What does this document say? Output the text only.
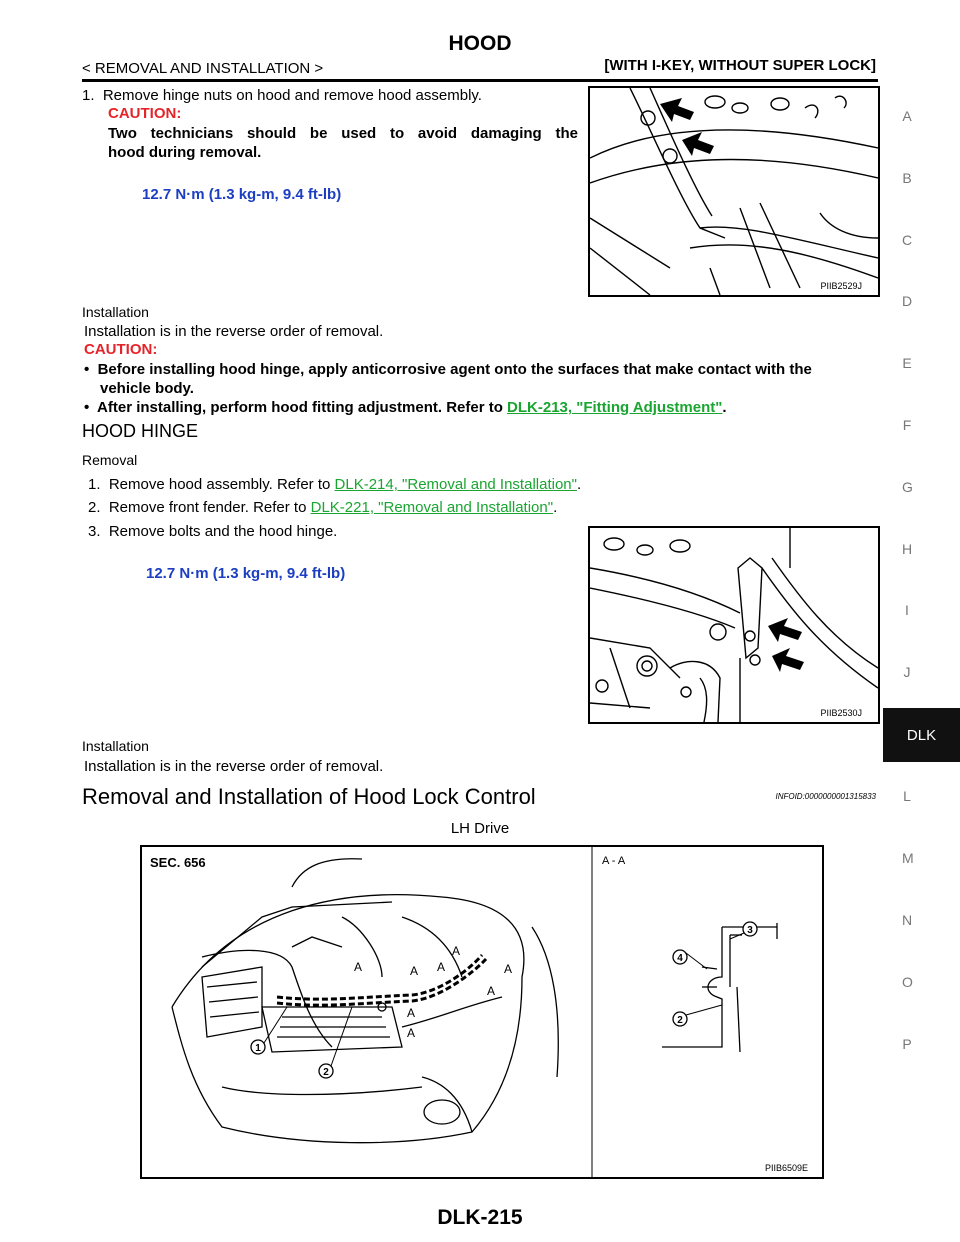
HOOD
< REMOVAL AND INSTALLATION >	[WITH I-KEY, WITHOUT SUPER LOCK]
1.  Remove hinge nuts on hood and remove hood assembly.
CAUTION:
Two technicians should be used to avoid damaging the
hood during removal.
12.7 N·m (1.3 kg-m, 9.4 ft-lb)
PIIB2529J
Installation
Installation is in the reverse order of removal.
CAUTION:
•  Before installing hood hinge, apply anticorrosive agent onto the surfaces that make contact with the
vehicle body.
•  After installing, perform hood fitting adjustment. Refer to DLK-213, "Fitting Adjustment".
HOOD HINGE
Removal
1.  Remove hood assembly. Refer to DLK-214, "Removal and Installation".
2.  Remove front fender. Refer to DLK-221, "Removal and Installation".
3.  Remove bolts and the hood hinge.
12.7 N·m (1.3 kg-m, 9.4 ft-lb)
PIIB2530J
Installation
Installation is in the reverse order of removal.
Removal and Installation of Hood Lock Control	INFOID:0000000001315833
LH Drive
SEC. 656	A - A
A	A A
A
A
A
A
A
3
4
2
1
2
PIIB6509E
A
B
C
D
E
F
G
H
I
J
DLK
L
M
N
O
P
DLK-215
